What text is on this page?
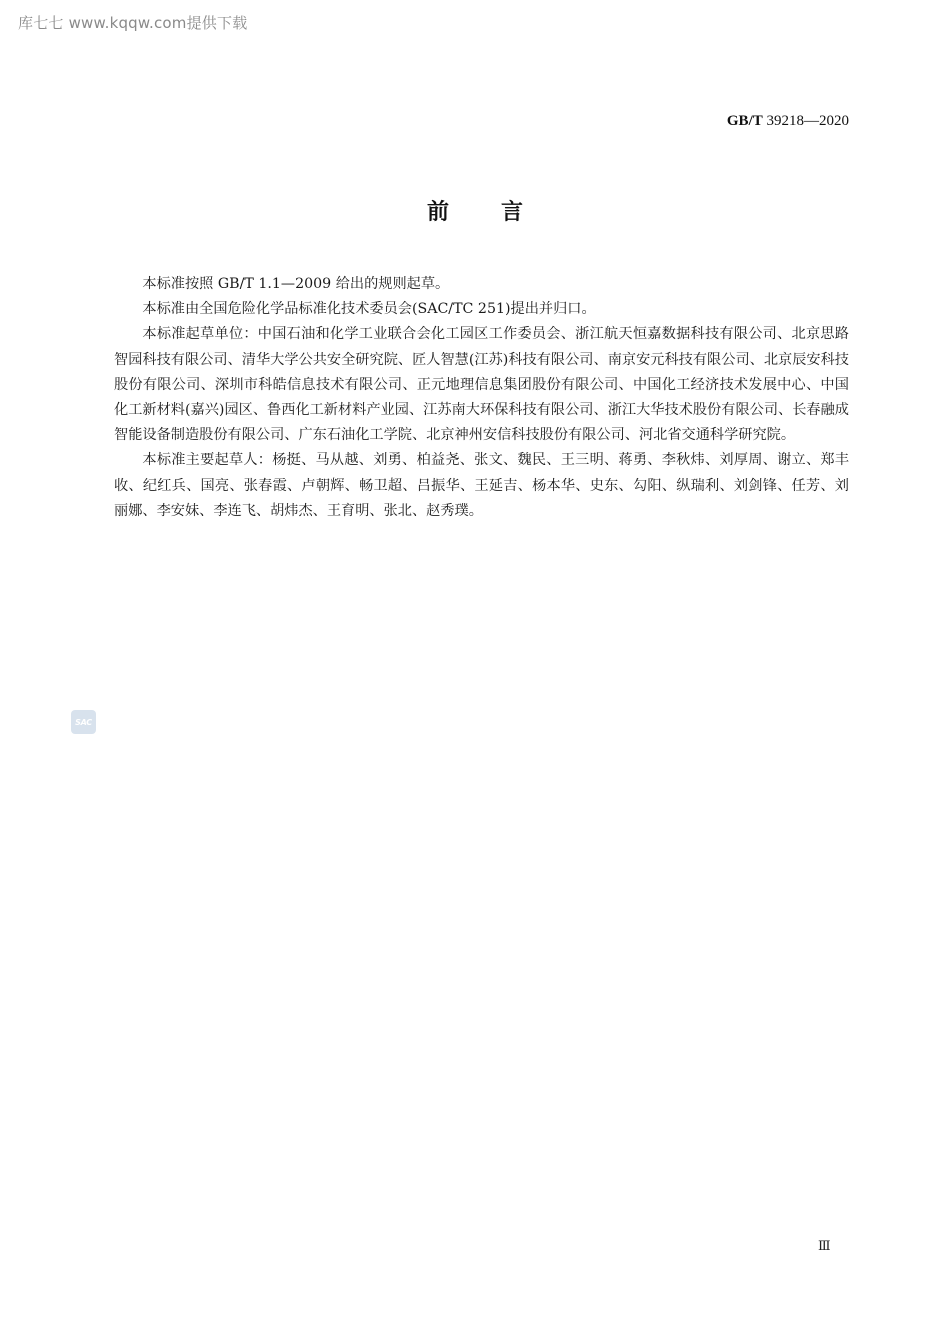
库七七 www.kqqw.com提供下载
GB/T 39218—2020
前言

本标准按照 GB/T 1.1—2009 给出的规则起草。

本标准由全国危险化学品标准化技术委员会(SAC/TC 251)提出并归口。

本标准起草单位：中国石油和化学工业联合会化工园区工作委员会、浙江航天恒嘉数据科技有限公司、北京思路智园科技有限公司、清华大学公共安全研究院、匠人智慧(江苏)科技有限公司、南京安元科技有限公司、北京辰安科技股份有限公司、深圳市科皓信息技术有限公司、正元地理信息集团股份有限公司、中国化工经济技术发展中心、中国化工新材料(嘉兴)园区、鲁西化工新材料产业园、江苏南大环保科技有限公司、浙江大华技术股份有限公司、长春融成智能设备制造股份有限公司、广东石油化工学院、北京神州安信科技股份有限公司、河北省交通科学研究院。

本标准主要起草人：杨挺、马从越、刘勇、柏益尧、张文、魏民、王三明、蒋勇、李秋炜、刘厚周、谢立、郑丰收、纪红兵、国亮、张春霞、卢朝辉、畅卫超、吕振华、王延吉、杨本华、史东、勾阳、纵瑞利、刘剑锋、任芳、刘丽娜、李安妹、李连飞、胡炜杰、王育明、张北、赵秀璞。

SAC
Ⅲ
